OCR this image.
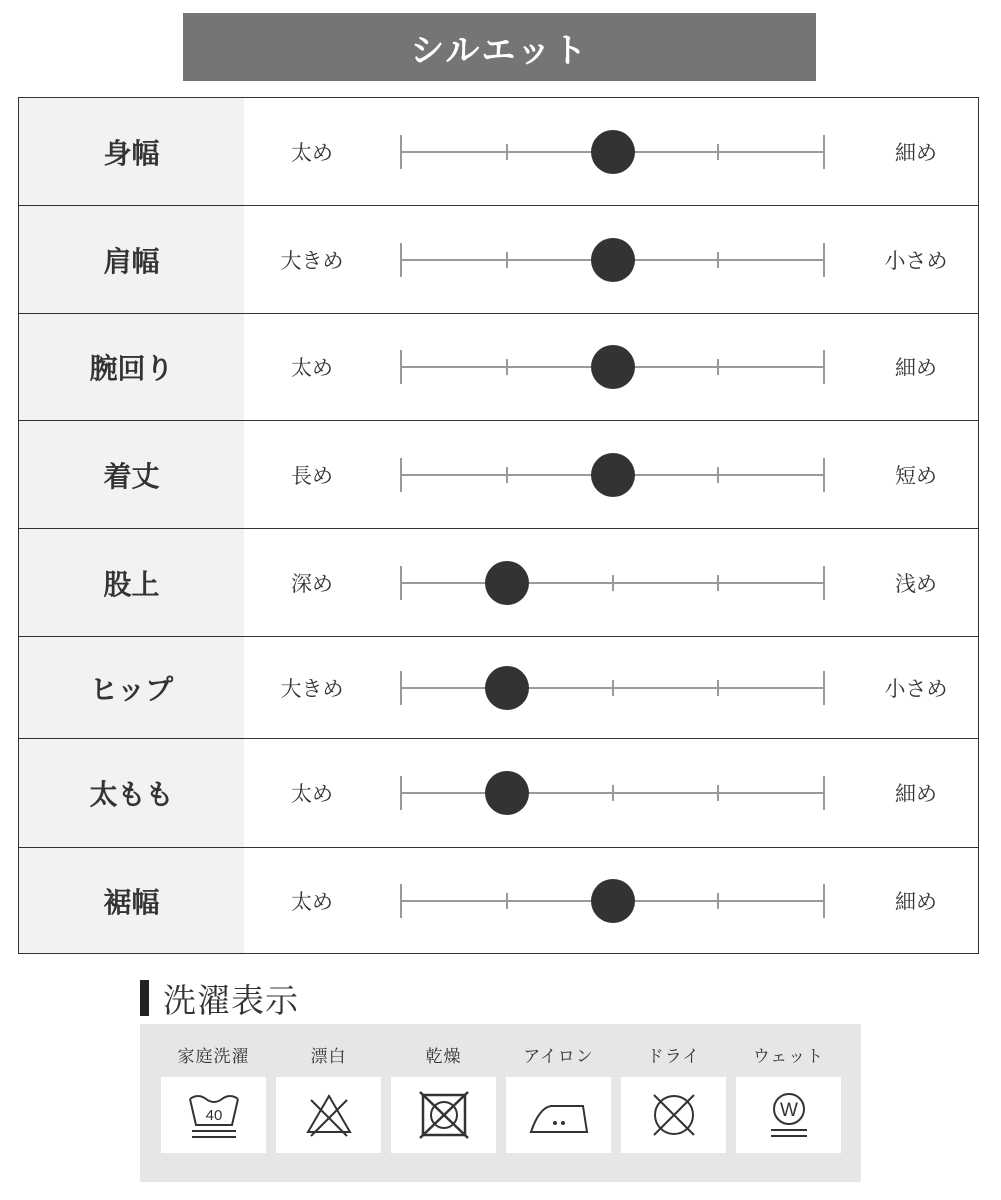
シルエット
身幅	太め	細め
肩幅	大きめ	小さめ
腕回り	太め	細め
着丈	長め	短め
股上	深め	浅め
ヒップ	大きめ	小さめ
太もも	太め	細め
裾幅	太め	細め
洗濯表示
家庭洗濯
40
漂白	乾燥	アイロン	ドライ	ウェット
W
